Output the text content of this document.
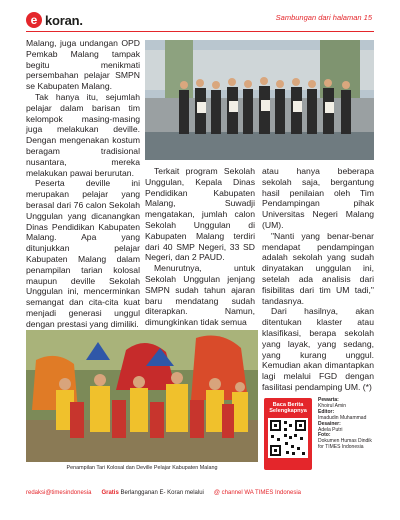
e koran.	Sambungan dari halaman 15

Malang, juga undangan OPD Pemkab Malang tampak begitu menikmati persembahan pelajar SMPN se Kabupaten Malang.

Tak hanya itu, sejumlah pelajar dalam barisan tim kelompok masing-masing juga melakukan deville. Dengan mengenakan kostum beragam tradisional nusantara, mereka melakukan pawai berurutan.

Peserta deville ini merupakan pelajar yang berasal dari 76 calon Sekolah Unggulan yang dicanangkan Dinas Pendidikan Kabupaten Malang. Apa yang ditunjukkan pelajar Kabupaten Malang dalam penampilan tarian kolosal maupun deville Sekolah Unggulan ini, mencerminkan semangat dan cita-cita kuat menjadi generasi unggul dengan prestasi yang dimiliki.

Terkait program Sekolah Unggulan, Kepala Dinas Pendidikan Kabupaten Malang, Suwadji mengatakan, jumlah calon Sekolah Unggulan di Kabupaten Malang terdiri dari 40 SMP Negeri, 33 SD Negeri, dan 2 PAUD.

Menurutnya, untuk Sekolah Unggulan jenjang SMPN sudah tahun ajaran baru mendatang sudah diterapkan. Namun, dimungkinkan tidak semua

atau hanya beberapa sekolah saja, bergantung hasil penilaian oleh Tim Pendampingan pihak Universitas Negeri Malang (UM).

"Nanti yang benar-benar mendapat pendampingan adalah sekolah yang sudah dinyatakan unggulan ini, setelah ada analisis dari fisibilitas dari tim UM tadi," tandasnya.

Dari hasilnya, akan ditentukan klaster atau klasifikasi, berapa sekolah yang layak, yang sedang, yang kurang unggul. Kemudian akan dimantapkan lagi melalui FGD dengan fasilitasi pendamping UM. (*)

Penampilan Tari Kolosal dan Deville Pelajar Kabupaten Malang
Baca Berita Selengkapnya
Pewarta:
Khoirul Amin
Editor:
Imadudin Muhammad
Desainer:
Adela Putri
Foto:
Dokumen Humas Dindik for TIMES Indonesia
redaksi@timesindonesia Gratis Berlangganan E- Koran melalui @ channel WA TIMES Indonesia
